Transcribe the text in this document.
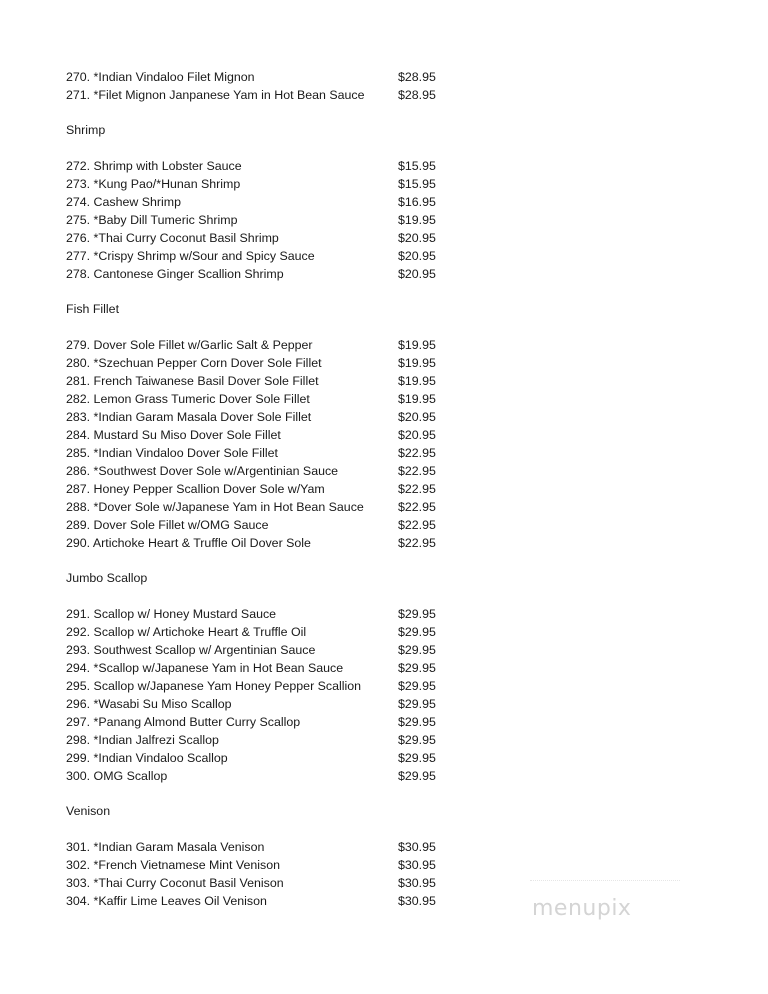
270. *Indian Vindaloo Filet Mignon	$28.95
271. *Filet Mignon Janpanese Yam in Hot Bean Sauce	$28.95
Shrimp
272. Shrimp with Lobster Sauce	$15.95
273. *Kung Pao/*Hunan Shrimp	$15.95
274. Cashew Shrimp	$16.95
275. *Baby Dill Tumeric Shrimp	$19.95
276. *Thai Curry Coconut Basil Shrimp	$20.95
277. *Crispy Shrimp w/Sour and Spicy Sauce	$20.95
278. Cantonese Ginger Scallion Shrimp	$20.95
Fish Fillet
279. Dover Sole Fillet w/Garlic Salt & Pepper	$19.95
280. *Szechuan Pepper Corn Dover Sole Fillet	$19.95
281. French Taiwanese Basil Dover Sole Fillet	$19.95
282. Lemon Grass Tumeric Dover Sole Fillet	$19.95
283. *Indian Garam Masala Dover Sole Fillet	$20.95
284. Mustard Su Miso Dover Sole Fillet	$20.95
285. *Indian Vindaloo Dover Sole Fillet	$22.95
286. *Southwest Dover Sole w/Argentinian Sauce	$22.95
287. Honey Pepper Scallion Dover Sole w/Yam	$22.95
288. *Dover Sole w/Japanese Yam in Hot Bean Sauce	$22.95
289. Dover Sole Fillet w/OMG Sauce	$22.95
290. Artichoke Heart & Truffle Oil Dover Sole	$22.95
Jumbo Scallop
291. Scallop w/ Honey Mustard Sauce	$29.95
292. Scallop w/ Artichoke Heart & Truffle Oil	$29.95
293. Southwest Scallop w/ Argentinian Sauce	$29.95
294. *Scallop w/Japanese Yam in Hot Bean Sauce	$29.95
295. Scallop w/Japanese Yam Honey Pepper Scallion	$29.95
296. *Wasabi Su Miso Scallop	$29.95
297. *Panang Almond Butter Curry Scallop	$29.95
298. *Indian Jalfrezi Scallop	$29.95
299. *Indian Vindaloo Scallop	$29.95
300. OMG Scallop	$29.95
Venison
301. *Indian Garam Masala Venison	$30.95
302. *French Vietnamese Mint Venison	$30.95
303. *Thai Curry Coconut Basil Venison	$30.95
304. *Kaffir Lime Leaves Oil Venison	$30.95	menupix
